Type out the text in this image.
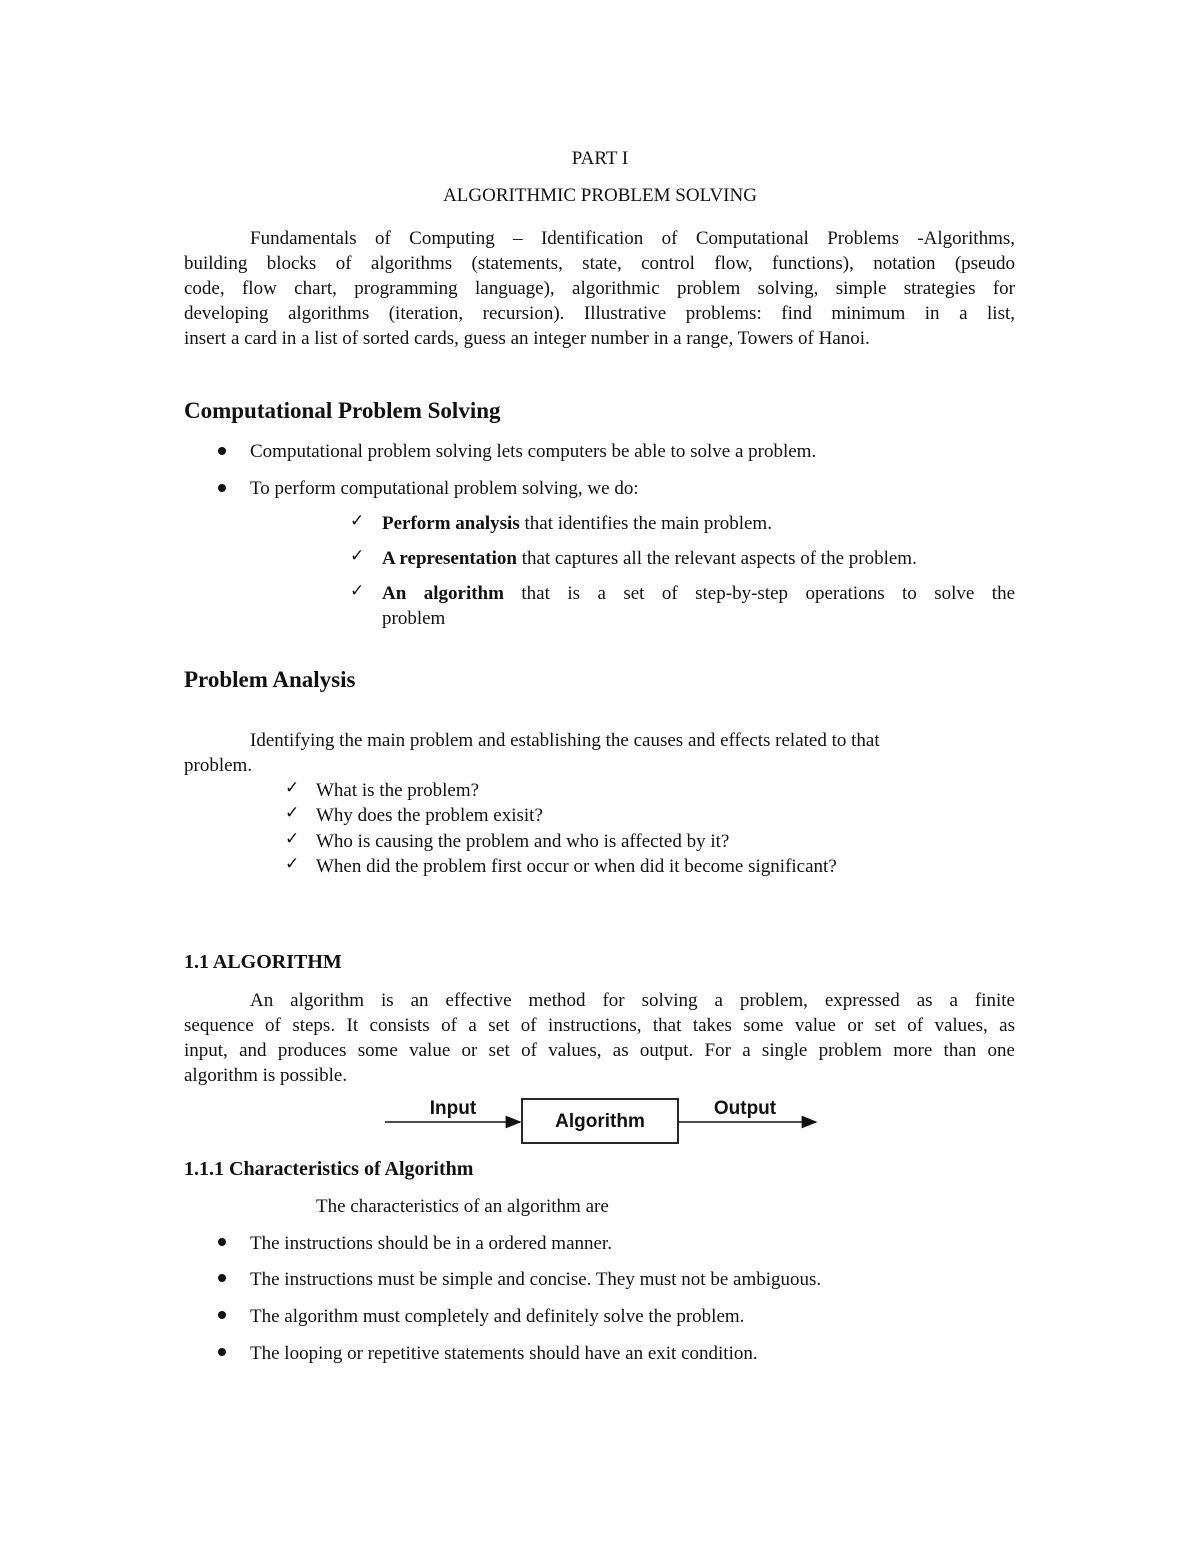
PART I
ALGORITHMIC PROBLEM SOLVING
Fundamentals of Computing – Identification of Computational Problems -Algorithms,
building blocks of algorithms (statements, state, control flow, functions), notation (pseudo
code, flow chart, programming language), algorithmic problem solving, simple strategies for
developing algorithms (iteration, recursion). Illustrative problems: find minimum in a list,
insert a card in a list of sorted cards, guess an integer number in a range, Towers of Hanoi.
Computational Problem Solving
Computational problem solving lets computers be able to solve a problem.
To perform computational problem solving, we do:
✓ Perform analysis that identifies the main problem.
✓ A representation that captures all the relevant aspects of the problem.
✓ An algorithm that is a set of step-by-step operations to solve the
problem
Problem Analysis
Identifying the main problem and establishing the causes and effects related to that
problem.
✓ What is the problem?
✓ Why does the problem exisit?
✓ Who is causing the problem and who is affected by it?
✓ When did the problem first occur or when did it become significant?
1.1 ALGORITHM
An algorithm is an effective method for solving a problem, expressed as a finite
sequence of steps. It consists of a set of instructions, that takes some value or set of values, as
input, and produces some value or set of values, as output. For a single problem more than one
algorithm is possible.
Input
Algorithm
Output
1.1.1 Characteristics of Algorithm
The characteristics of an algorithm are
The instructions should be in a ordered manner.
The instructions must be simple and concise. They must not be ambiguous.
The algorithm must completely and definitely solve the problem.
The looping or repetitive statements should have an exit condition.
